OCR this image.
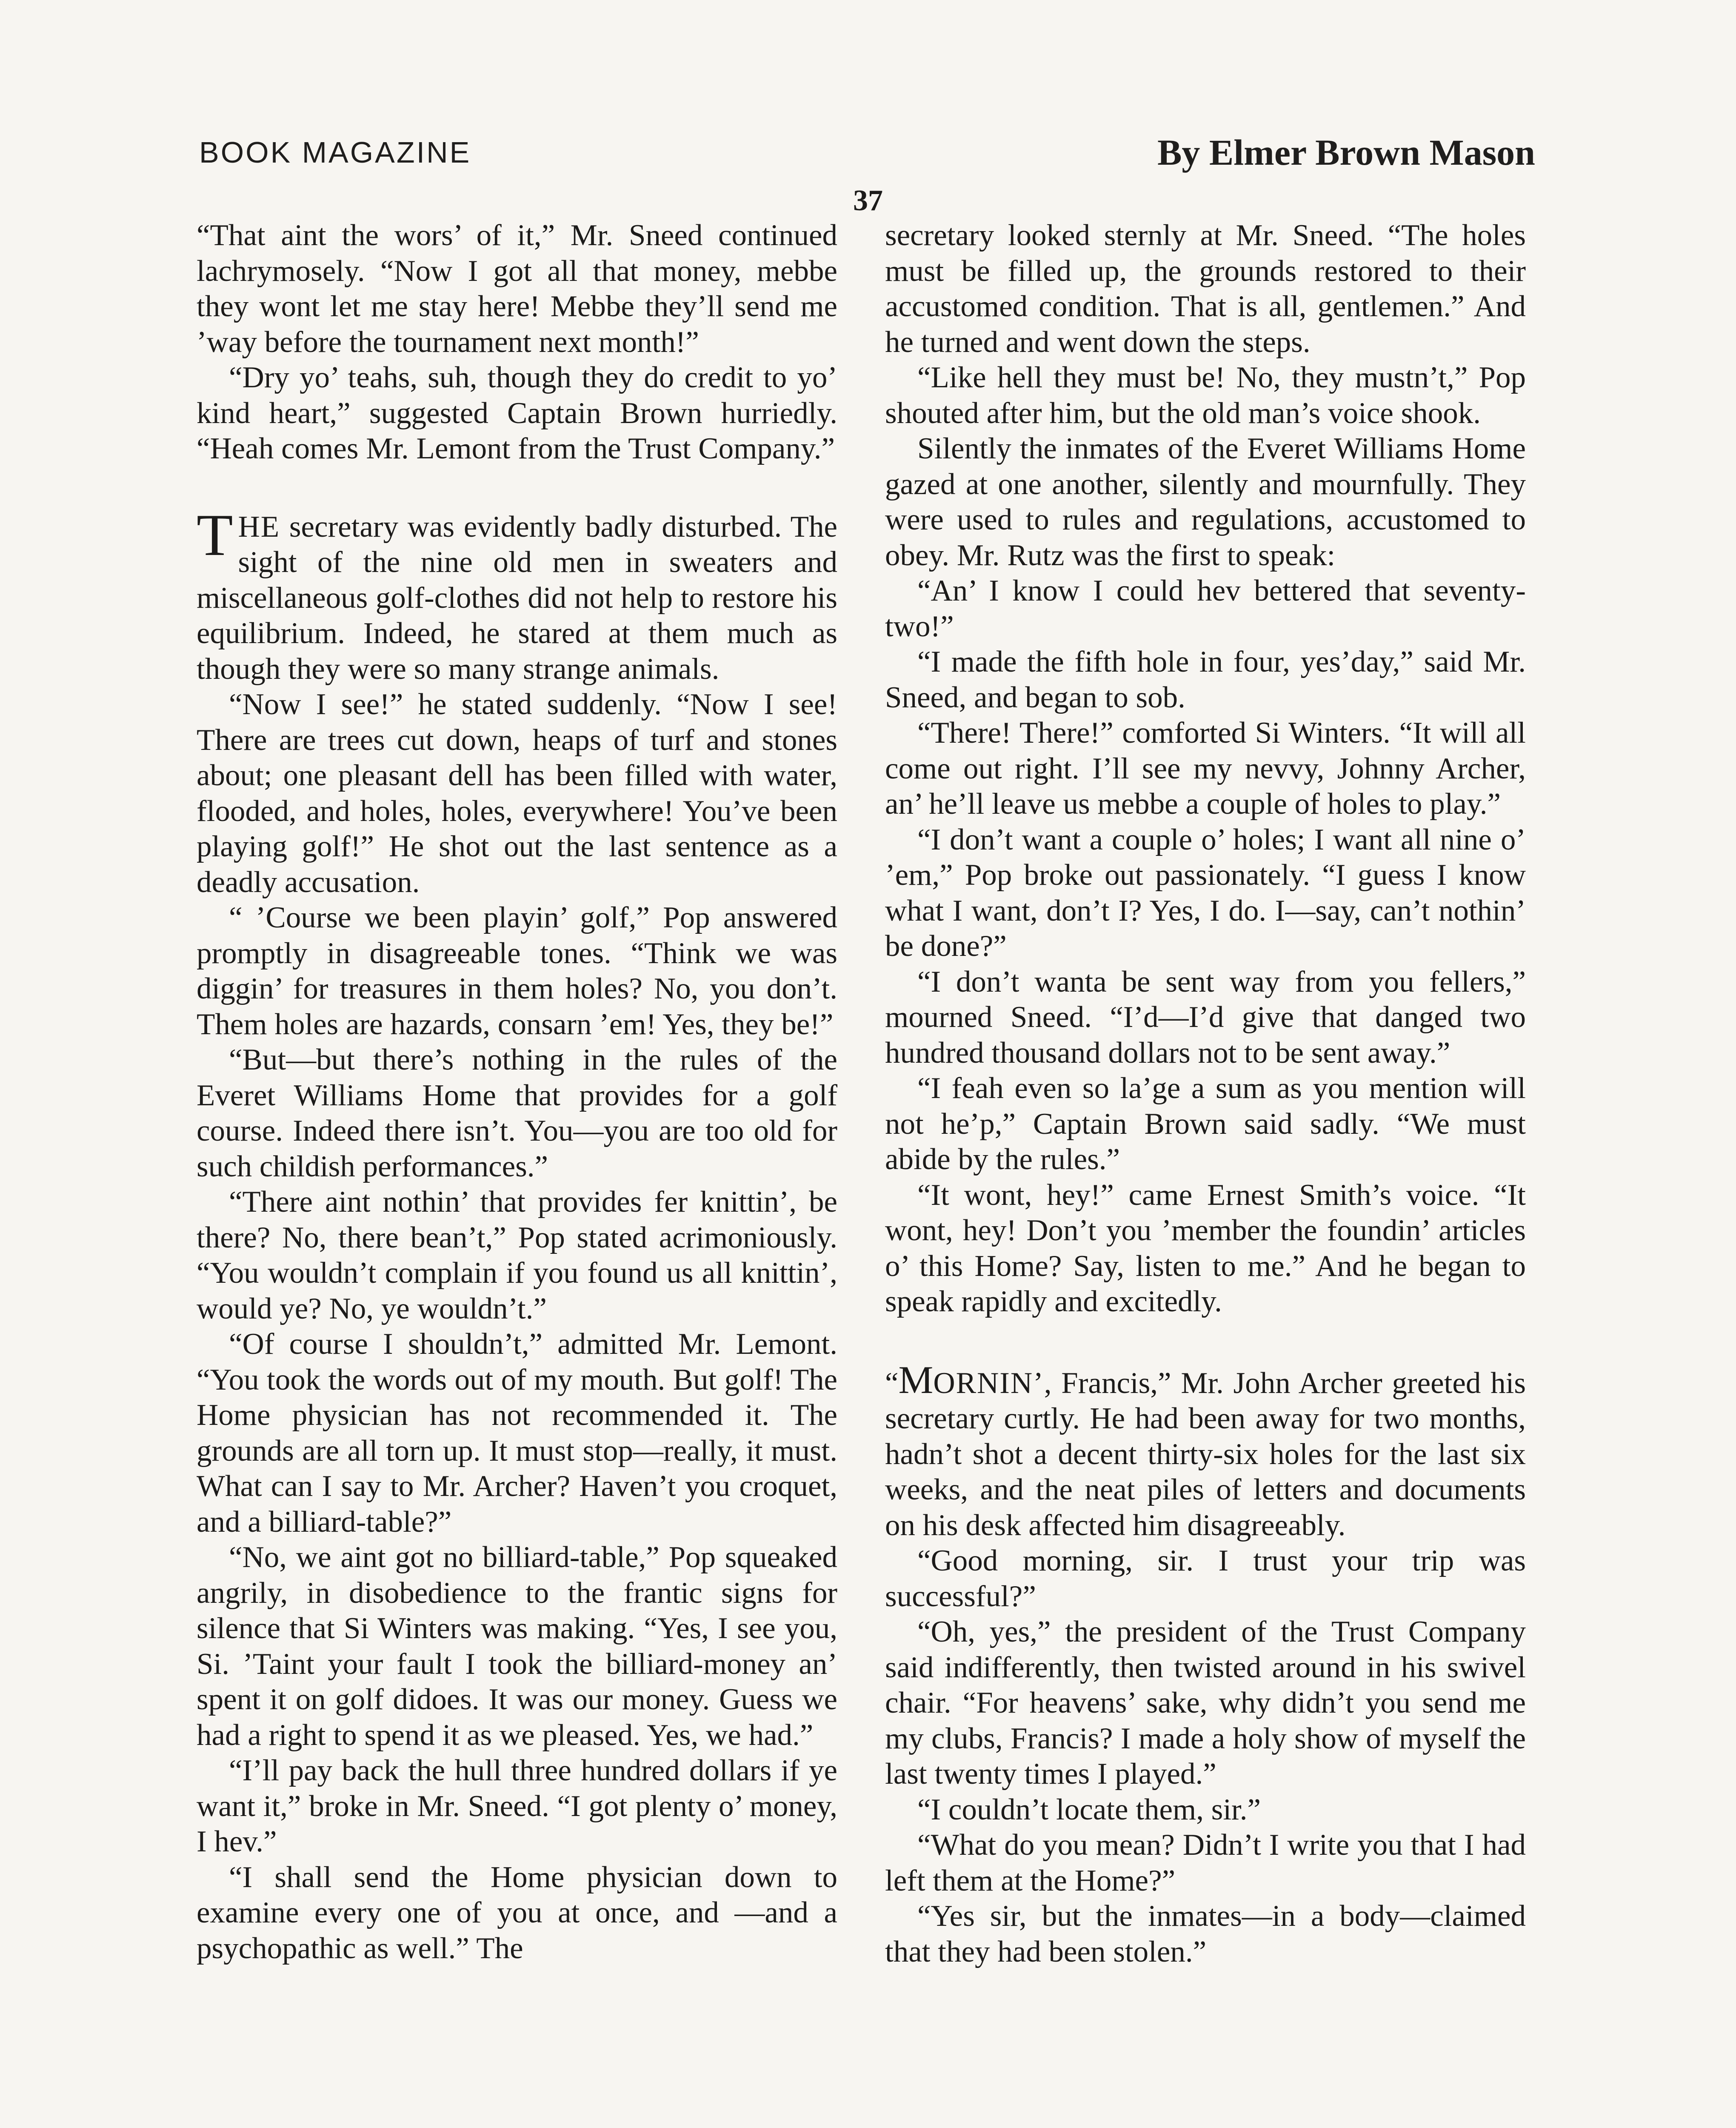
BOOK MAGAZINE	By Elmer Brown Mason
37

“That aint the wors’ of it,” Mr. Sneed continued lachrymosely. “Now I got all that money, mebbe they wont let me stay here! Mebbe they’ll send me ’way before the tournament next month!”

“Dry yo’ teahs, suh, though they do credit to yo’ kind heart,” suggested Captain Brown hurriedly. “Heah comes Mr. Lemont from the Trust Company.”

THE secretary was evidently badly disturbed. The sight of the nine old men in sweaters and miscellaneous golf-clothes did not help to restore his equilibrium. Indeed, he stared at them much as though they were so many strange animals.

“Now I see!” he stated suddenly. “Now I see! There are trees cut down, heaps of turf and stones about; one pleasant dell has been filled with water, flooded, and holes, holes, everywhere! You’ve been playing golf!” He shot out the last sentence as a deadly accusation.

“ ’Course we been playin’ golf,” Pop answered promptly in disagreeable tones. “Think we was diggin’ for treasures in them holes? No, you don’t. Them holes are hazards, consarn ’em! Yes, they be!”

“But—but there’s nothing in the rules of the Everet Williams Home that provides for a golf course. Indeed there isn’t. You—you are too old for such childish performances.”

“There aint nothin’ that provides fer knittin’, be there? No, there bean’t,” Pop stated acrimoniously. “You wouldn’t complain if you found us all knittin’, would ye? No, ye wouldn’t.”

“Of course I shouldn’t,” admitted Mr. Lemont. “You took the words out of my mouth. But golf! The Home physician has not recommended it. The grounds are all torn up. It must stop—really, it must. What can I say to Mr. Archer? Haven’t you croquet, and a billiard-table?”

“No, we aint got no billiard-table,” Pop squeaked angrily, in disobedience to the frantic signs for silence that Si Winters was making. “Yes, I see you, Si. ’Taint your fault I took the billiard-money an’ spent it on golf didoes. It was our money. Guess we had a right to spend it as we pleased. Yes, we had.”

“I’ll pay back the hull three hundred dollars if ye want it,” broke in Mr. Sneed. “I got plenty o’ money, I hev.”

“I shall send the Home physician down to examine every one of you at once, and —and a psychopathic as well.” The

secretary looked sternly at Mr. Sneed. “The holes must be filled up, the grounds restored to their accustomed condition. That is all, gentlemen.” And he turned and went down the steps.

“Like hell they must be! No, they mustn’t,” Pop shouted after him, but the old man’s voice shook.

Silently the inmates of the Everet Williams Home gazed at one another, silently and mournfully. They were used to rules and regulations, accustomed to obey. Mr. Rutz was the first to speak:

“An’ I know I could hev bettered that seventy-two!”

“I made the fifth hole in four, yes’day,” said Mr. Sneed, and began to sob.

“There! There!” comforted Si Winters. “It will all come out right. I’ll see my nevvy, Johnny Archer, an’ he’ll leave us mebbe a couple of holes to play.”

“I don’t want a couple o’ holes; I want all nine o’ ’em,” Pop broke out passionately. “I guess I know what I want, don’t I? Yes, I do. I—say, can’t nothin’ be done?”

“I don’t wanta be sent way from you fellers,” mourned Sneed. “I’d—I’d give that danged two hundred thousand dollars not to be sent away.”

“I feah even so la’ge a sum as you mention will not he’p,” Captain Brown said sadly. “We must abide by the rules.”

“It wont, hey!” came Ernest Smith’s voice. “It wont, hey! Don’t you ’member the foundin’ articles o’ this Home? Say, listen to me.” And he began to speak rapidly and excitedly.

“MORNIN’, Francis,” Mr. John Archer greeted his secretary curtly. He had been away for two months, hadn’t shot a decent thirty-six holes for the last six weeks, and the neat piles of letters and documents on his desk affected him disagreeably.

“Good morning, sir. I trust your trip was successful?”

“Oh, yes,” the president of the Trust Company said indifferently, then twisted around in his swivel chair. “For heavens’ sake, why didn’t you send me my clubs, Francis? I made a holy show of myself the last twenty times I played.”

“I couldn’t locate them, sir.”

“What do you mean? Didn’t I write you that I had left them at the Home?”

“Yes sir, but the inmates—in a body—claimed that they had been stolen.”
